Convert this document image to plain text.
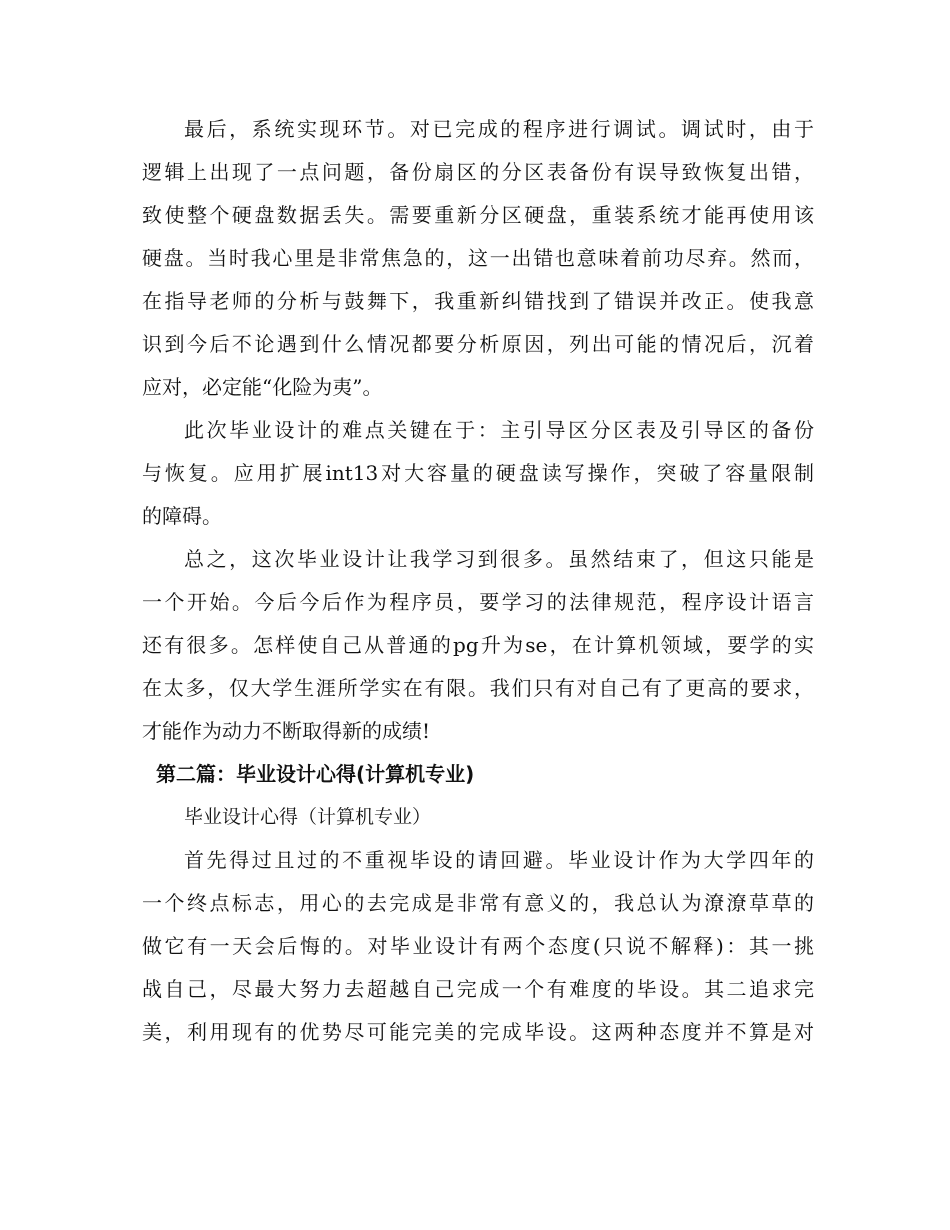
最后，系统实现环节。对已完成的程序进行调试。调试时，由于
逻辑上出现了一点问题，备份扇区的分区表备份有误导致恢复出错，
致使整个硬盘数据丢失。需要重新分区硬盘，重装系统才能再使用该
硬盘。当时我心里是非常焦急的，这一出错也意味着前功尽弃。然而，
在指导老师的分析与鼓舞下，我重新纠错找到了错误并改正。使我意
识到今后不论遇到什么情况都要分析原因，列出可能的情况后，沉着
应对，必定能“化险为夷”。
此次毕业设计的难点关键在于：主引导区分区表及引导区的备份
与恢复。应用扩展int13对大容量的硬盘读写操作，突破了容量限制
的障碍。
总之，这次毕业设计让我学习到很多。虽然结束了，但这只能是
一个开始。今后今后作为程序员，要学习的法律规范，程序设计语言
还有很多。怎样使自己从普通的pg升为se，在计算机领域，要学的实
在太多，仅大学生涯所学实在有限。我们只有对自己有了更高的要求，
才能作为动力不断取得新的成绩!
第二篇：毕业设计心得(计算机专业)
毕业设计心得（计算机专业）
首先得过且过的不重视毕设的请回避。毕业设计作为大学四年的
一个终点标志，用心的去完成是非常有意义的，我总认为潦潦草草的
做它有一天会后悔的。对毕业设计有两个态度(只说不解释)：其一挑
战自己，尽最大努力去超越自己完成一个有难度的毕设。其二追求完
美，利用现有的优势尽可能完美的完成毕设。这两种态度并不算是对
